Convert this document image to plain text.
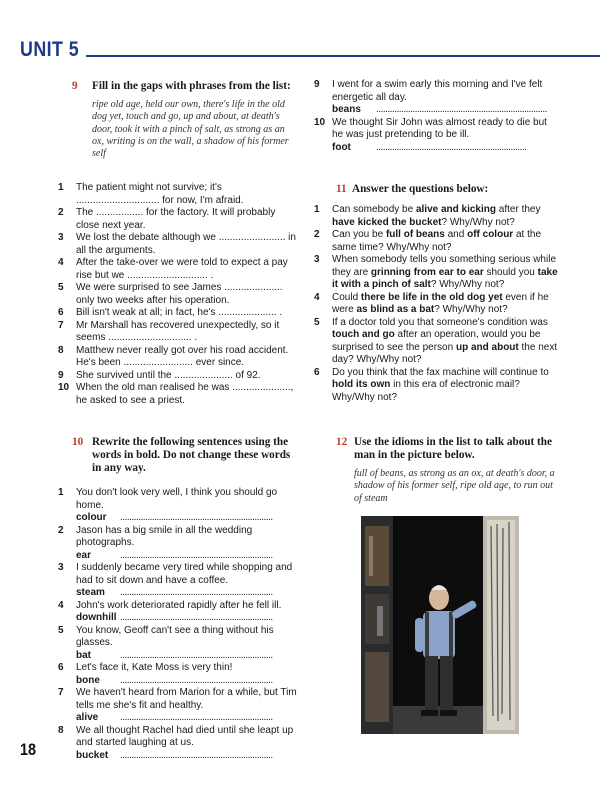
UNIT 5
9	Fill in the gaps with phrases from the list:
ripe old age, held our own, there's life in the old dog yet, touch and go, up and about, at death's door, took it with a pinch of salt, as strong as an ox, writing is on the wall, a shadow of his former self
1	The patient might not survive; it's .............................. for now, I'm afraid.
2	The ................. for the factory. It will probably close next year.
3	We lost the debate although we ........................ in all the arguments.
4	After the take-over we were told to expect a pay rise but we ............................. .
5	We were surprised to see James ..................... only two weeks after his operation.
6	Bill isn't weak at all; in fact, he's ..................... .
7	Mr Marshall has recovered unexpectedly, so it seems .............................. .
8	Matthew never really got over his road accident. He's been ......................... ever since.
9	She survived until the ..................... of 92.
10 When the old man realised he was ....................., he asked to see a priest.
9	I went for a swim early this morning and I've felt energetic all day.
beans	...........................................................................
10 We thought Sir John was almost ready to die but he was just pretending to be ill.
foot	..................................................................
11 Answer the questions below:
1	Can somebody be alive and kicking after they have kicked the bucket? Why/Why not?
2	Can you be full of beans and off colour at the same time? Why/Why not?
3	When somebody tells you something serious while they are grinning from ear to ear should you take it with a pinch of salt? Why/Why not?
4	Could there be life in the old dog yet even if he were as blind as a bat? Why/Why not?
5	If a doctor told you that someone's condition was touch and go after an operation, would you be surprised to see the person up and about the next day? Why/Why not?
6	Do you think that the fax machine will continue to hold its own in this era of electronic mail? Why/Why not?
10 Rewrite the following sentences using the words in bold. Do not change these words in any way.
1	You don't look very well, I think you should go home.
colour	...................................................................
2	Jason has a big smile in all the wedding photographs.
ear	...................................................................
3	I suddenly became very tired while shopping and had to sit down and have a coffee.
steam	...................................................................
4	John's work deteriorated rapidly after he fell ill.
downhill ...................................................................
5	You know, Geoff can't see a thing without his glasses.
bat	...................................................................
6	Let's face it, Kate Moss is very thin!
bone	...................................................................
7	We haven't heard from Marion for a while, but Tim tells me she's fit and healthy.
alive	...................................................................
8	We all thought Rachel had died until she leapt up and started laughing at us.
bucket	...................................................................
12 Use the idioms in the list to talk about the man in the picture below.
full of beans, as strong as an ox, at death's door, a shadow of his former self, ripe old age, to run out of steam
18
